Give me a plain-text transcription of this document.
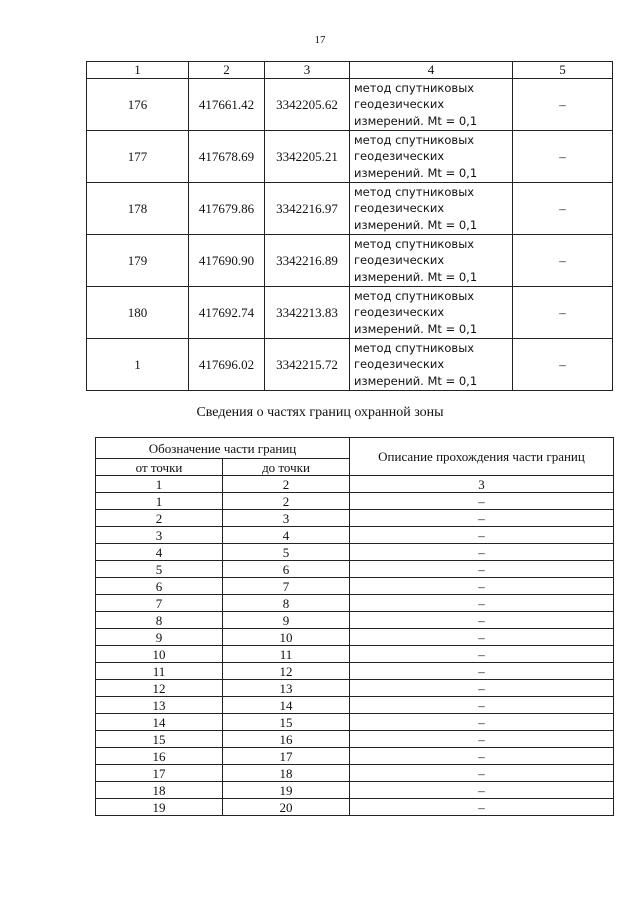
17
1	2	3	4	5
176	417661.42	3342205.62	метод спутниковых
геодезических
измерений. Mt = 0,1	–
177	417678.69	3342205.21	метод спутниковых
геодезических
измерений. Mt = 0,1	–
178	417679.86	3342216.97	метод спутниковых
геодезических
измерений. Mt = 0,1	–
179	417690.90	3342216.89	метод спутниковых
геодезических
измерений. Mt = 0,1	–
180	417692.74	3342213.83	метод спутниковых
геодезических
измерений. Mt = 0,1	–
1	417696.02	3342215.72	метод спутниковых
геодезических
измерений. Mt = 0,1	–
Сведения о частях границ охранной зоны
Обозначение части границ		Описание прохождения части границ
от точки	до точки	
1	2	3
1	2	–
2	3	–
3	4	–
4	5	–
5	6	–
6	7	–
7	8	–
8	9	–
9	10	–
10	11	–
11	12	–
12	13	–
13	14	–
14	15	–
15	16	–
16	17	–
17	18	–
18	19	–
19	20	–
